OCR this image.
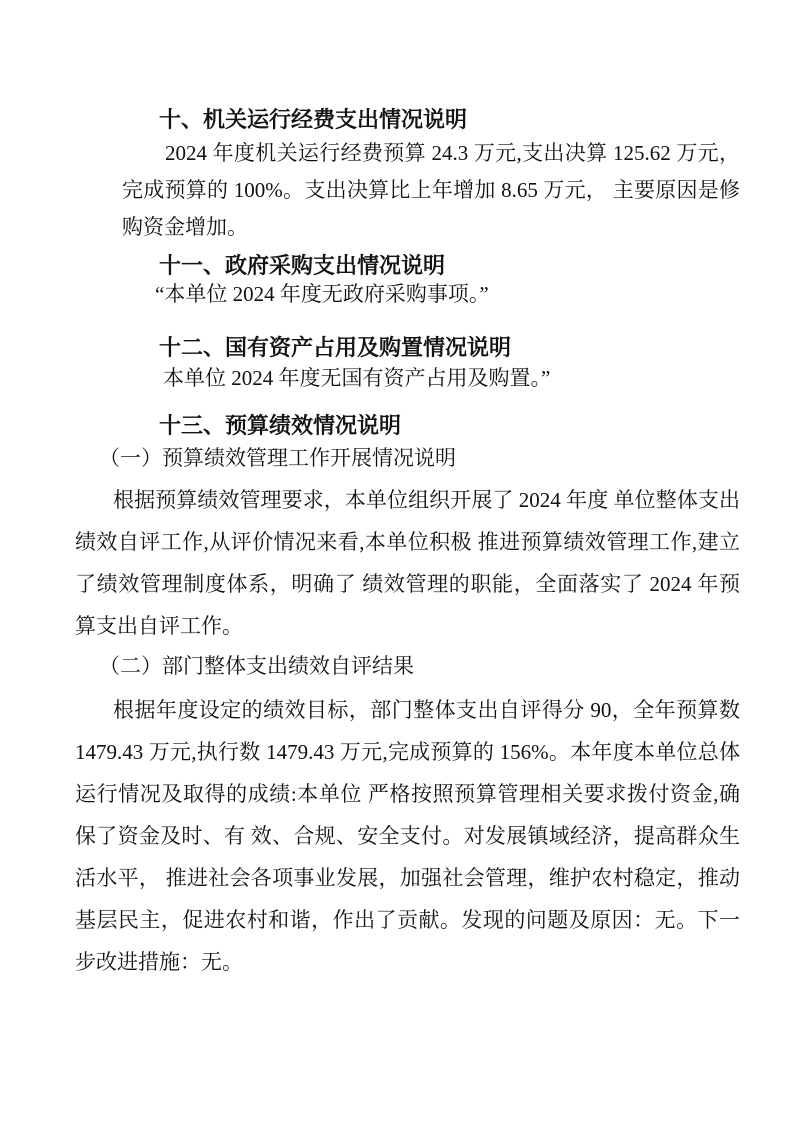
十、机关运行经费支出情况说明

2024 年度机关运行经费预算 24.3 万元,支出决算 125.62 万元， 完成预算的 100%。支出决算比上年增加 8.65 万元， 主要原因是修购资金增加。

十一、政府采购支出情况说明

“本单位 2024 年度无政府采购事项。”

十二、国有资产占用及购置情况说明

本单位 2024 年度无国有资产占用及购置。”

十三、预算绩效情况说明

（一）预算绩效管理工作开展情况说明

根据预算绩效管理要求，本单位组织开展了 2024 年度 单位整体支出绩效自评工作,从评价情况来看,本单位积极 推进预算绩效管理工作,建立了绩效管理制度体系，明确了 绩效管理的职能，全面落实了 2024 年预算支出自评工作。

（二）部门整体支出绩效自评结果

根据年度设定的绩效目标，部门整体支出自评得分 90，全年预算数 1479.43 万元,执行数 1479.43 万元,完成预算的 156%。本年度本单位总体运行情况及取得的成绩:本单位 严格按照预算管理相关要求拨付资金,确保了资金及时、有 效、合规、安全支付。对发展镇域经济，提高群众生活水平， 推进社会各项事业发展，加强社会管理，维护农村稳定，推动基层民主，促进农村和谐，作出了贡献。发现的问题及原因：无。下一步改进措施：无。
